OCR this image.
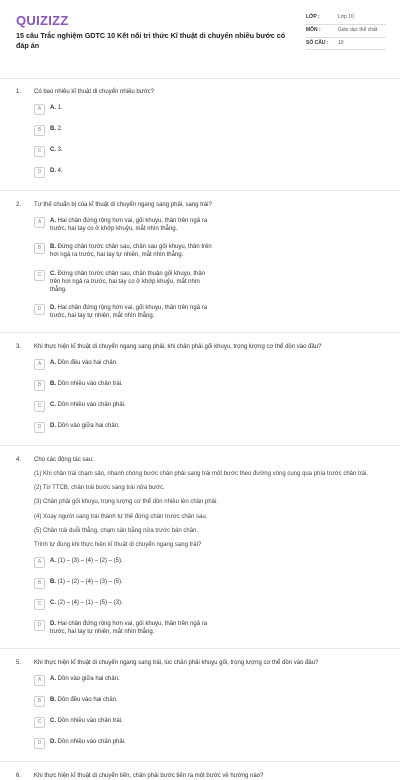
QUIZIZZ
15 câu Trắc nghiệm GDTC 10 Kết nối tri thức Kĩ thuật di chuyển nhiều bước có đáp án
LỚP :	Lớp 10
MÔN :	Giáo dục thể chất
SỐ CÂU :	10
1.	Có bao nhiêu kĩ thuật di chuyển nhiều bước?
A	A. 1.
B	B. 2.
C	C. 3.
D	D. 4.
2.	Tư thế chuẩn bị của kĩ thuật di chuyển ngang sang phải, sang trái?
A	A. Hai chân đứng rộng hơn vai, gối khuỵu, thân trên ngả ra trước, hai tay co ở khớp khuỷu, mắt nhìn thẳng.
B	B. Đứng chân trước chân sau, chân sau gối khuỵu, thân trên hơi ngả ra trước, hai tay tự nhiên, mắt nhìn thẳng.
C	C. Đứng chân trước chân sau, chân thuận gối khuỵu, thân trên hơi ngả ra trước, hai tay co ở khớp khuỷu, mắt nhìn thẳng.
D	D. Hai chân đứng rộng hơn vai, gối khuỵu, thân trên ngả ra trước, hai tay tự nhiên, mắt nhìn thẳng.
3.	Khi thực hiện kĩ thuật di chuyển ngang sang phải, khi chân phải gối khuỵu, trọng lượng cơ thể dồn vào đâu?
A	A. Dồn đều vào hai chân.
B	B. Dồn nhiều vào chân trái.
C	C. Dồn nhiều vào chân phải.
D	D. Dồn vào giữa hai chân.
4.	Cho các động tác sau:
(1) Khi chân trái chạm sân, nhanh chóng bước chân phải sang trái một bước theo đường vòng cung qua phía trước chân trái.
(2) Từ TTCB, chân trái bước sang trái nửa bước.
(3) Chân phải gối khuỵu, trọng lượng cơ thể dồn nhiều lên chân phải.
(4) Xoay người sang trái thành tư thế đứng chân trước chân sau.
(5) Chân trái duỗi thẳng, chạm sân bằng nửa trước bàn chân.
Trình tự đúng khi thực hiện kĩ thuật di chuyển ngang sang trái?
A	A. (1) – (3) – (4) – (2) – (5).
B	B. (1) – (2) – (4) – (3) – (5).
C	C. (2) – (4) – (1) – (5) – (3).
D	D. Hai chân đứng rộng hơn vai, gối khuỵu, thân trên ngả ra trước, hai tay tự nhiên, mắt nhìn thẳng.
5.	Khi thực hiện kĩ thuật di chuyển ngang sang trái, lúc chân phải khuỵu gối, trọng lượng cơ thể dồn vào đâu?
A	A. Dồn vào giữa hai chân.
B	B. Dồn đều vào hai chân.
C	C. Dồn nhiều vào chân trái.
D	D. Dồn nhiều vào chân phải.
6.	Khi thực hiện kĩ thuật di chuyển tiến, chân phải bước tiến ra một bước về hướng nào?
